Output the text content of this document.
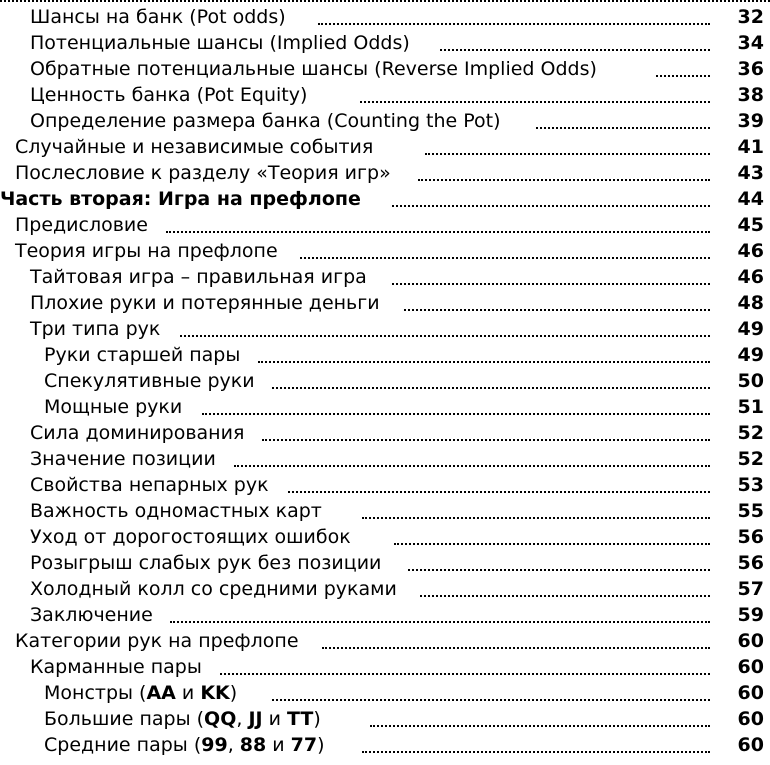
Шансы на банк (Pot odds)	32
Потенциальные шансы (Implied Odds)	34
Обратные потенциальные шансы (Reverse Implied Odds)	36
Ценность банка (Pot Equity)	38
Определение размера банка (Counting the Pot)	39
Случайные и независимые события	41
Послесловие к разделу «Теория игр»	43
Часть вторая: Игра на префлопе	44
Предисловие	45
Теория игры на префлопе	46
Тайтовая игра – правильная игра	46
Плохие руки и потерянные деньги	48
Три типа рук	49
Руки старшей пары	49
Спекулятивные руки	50
Мощные руки	51
Сила доминирования	52
Значение позиции	52
Свойства непарных рук	53
Важность одномастных карт	55
Уход от дорогостоящих ошибок	56
Розыгрыш слабых рук без позиции	56
Холодный колл со средними руками	57
Заключение	59
Категории рук на префлопе	60
Карманные пары	60
Монстры (AA и KK)	60
Большие пары (QQ, JJ и TT)	60
Средние пары (99, 88 и 77)	60
